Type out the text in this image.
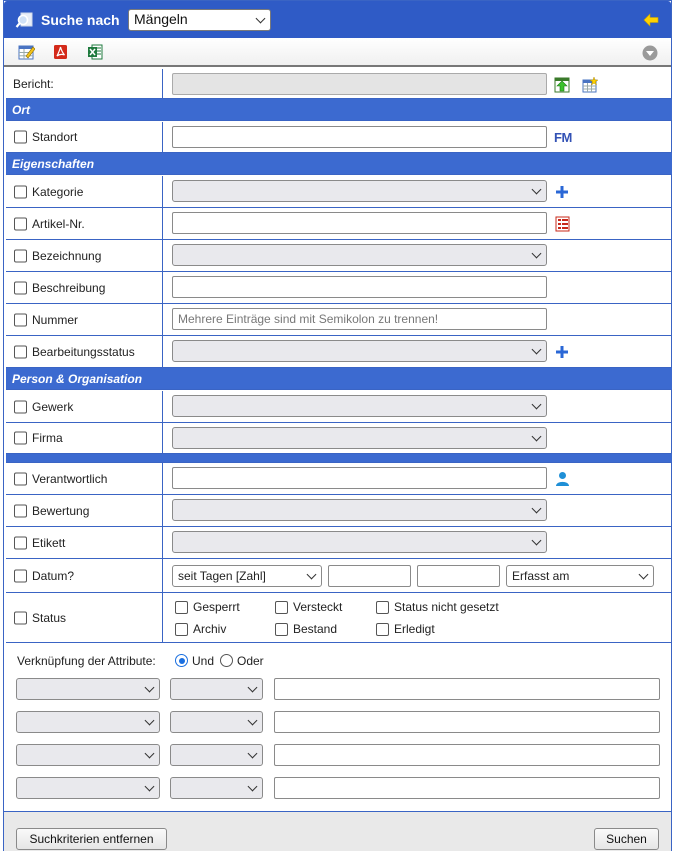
Suche nach	Mängeln
Bericht:
Ort
Standort	FM
Eigenschaften
Kategorie
Artikel-Nr.
Bezeichnung
Beschreibung
Nummer	Mehrere Einträge sind mit Semikolon zu trennen!
Bearbeitungsstatus
Person & Organisation
Gewerk
Firma
Verantwortlich
Bewertung
Etikett
Datum?	seit Tagen [Zahl]	Erfasst am
Status
Gesperrt	Versteckt	Status nicht gesetzt
Archiv	Bestand	Erledigt
Verknüpfung der Attribute:	Und Oder
Suchkriterien entfernen	Suchen
